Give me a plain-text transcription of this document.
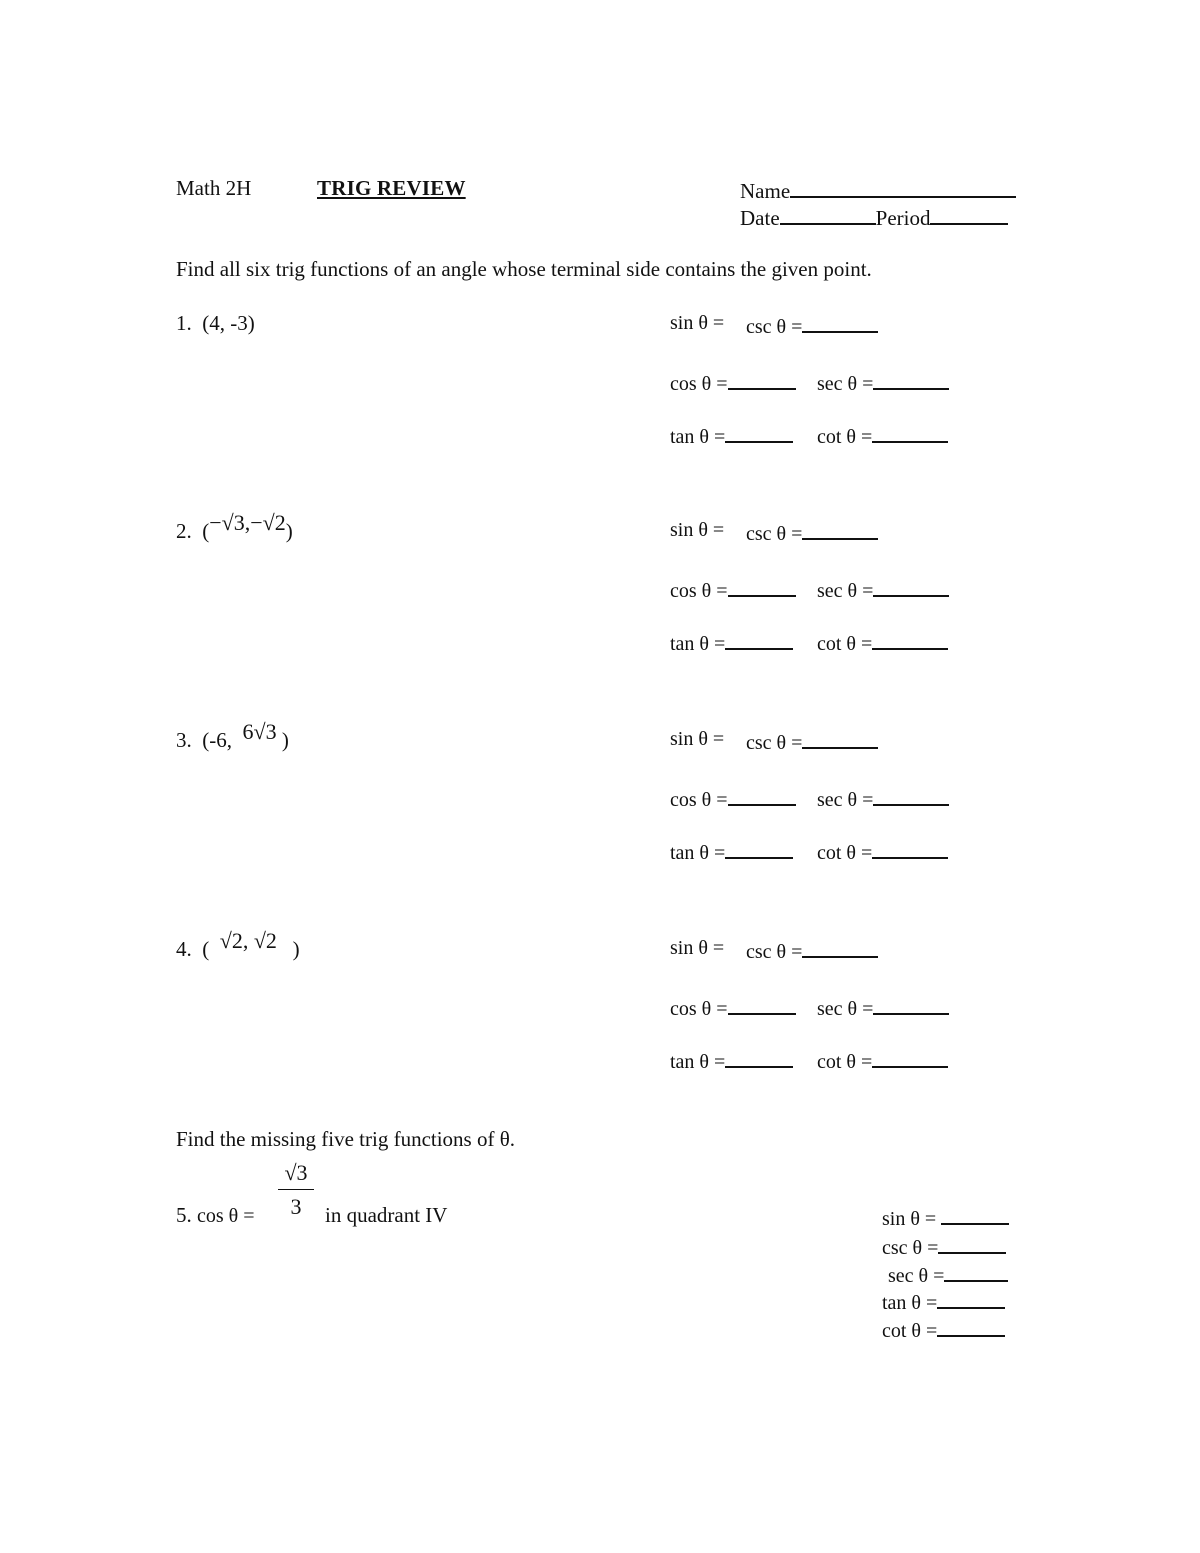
Math 2H	TRIG REVIEW	Name
Date	Period
Find all six trig functions of an angle whose terminal side contains the given point.
1. (4, -3)
2. (−√3,−√2)
3. (-6, 6√3 )
4. ( √2, √2 )
sin θ = csc θ =
cos θ =	sec θ =
tan θ =	cot θ =
sin θ = csc θ =
cos θ =	sec θ =
tan θ =	cot θ =
sin θ = csc θ =
cos θ =	sec θ =
tan θ =	cot θ =
sin θ = csc θ =
cos θ =	sec θ =
tan θ =	cot θ =
Find the missing five trig functions of θ.
5. $\cos \theta = \frac{√3}{3}$ in quadrant IV	sin θ =
csc θ =
sec θ =
tan θ =
cot θ =
